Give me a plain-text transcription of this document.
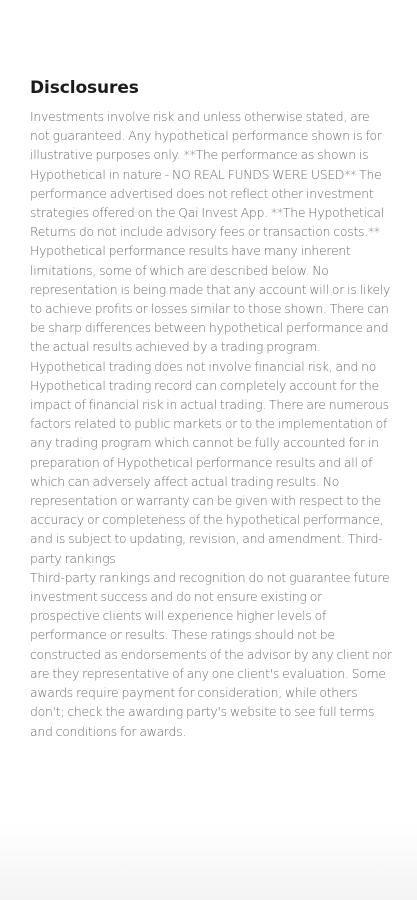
Disclosures

Investments involve risk and unless otherwise stated, are not guaranteed. Any hypothetical performance shown is for illustrative purposes only. **The performance as shown is Hypothetical in nature - NO REAL FUNDS WERE USED** The performance advertised does not reflect other investment strategies offered on the Qai Invest App. **The Hypothetical Returns do not include advisory fees or transaction costs.** Hypothetical performance results have many inherent limitations, some of which are described below. No representation is being made that any account will or is likely to achieve profits or losses similar to those shown. There can be sharp differences between hypothetical performance and the actual results achieved by a trading program. Hypothetical trading does not involve financial risk, and no Hypothetical trading record can completely account for the impact of financial risk in actual trading. There are numerous factors related to public markets or to the implementation of any trading program which cannot be fully accounted for in preparation of Hypothetical performance results and all of which can adversely affect actual trading results. No representation or warranty can be given with respect to the accuracy or completeness of the hypothetical performance, and is subject to updating, revision, and amendment. Third-party rankings
Third-party rankings and recognition do not guarantee future investment success and do not ensure existing or prospective clients will experience higher levels of performance or results. These ratings should not be constructed as endorsements of the advisor by any client nor are they representative of any one client's evaluation. Some awards require payment for consideration, while others don't; check the awarding party's website to see full terms and conditions for awards.
